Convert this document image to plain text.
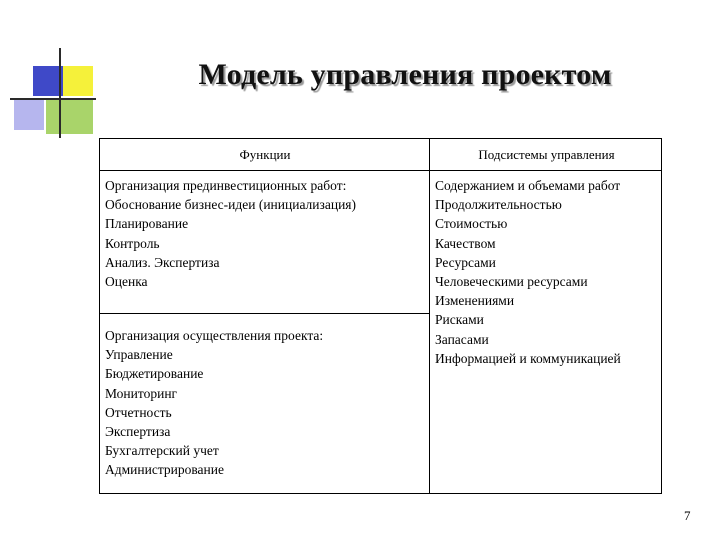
Модель управления проектом
Функции	Подсистемы управления
Организация прединвестиционных работ:
Обоснование бизнес-идеи (инициализация)
Планирование
Контроль
Анализ. Экспертиза
Оценка
Организация осуществления проекта:
Управление
Бюджетирование
Мониторинг
Отчетность
Экспертиза
Бухгалтерский учет
Администрирование
Содержанием и объемами работ
Продолжительностью
Стоимостью
Качеством
Ресурсами
Человеческими ресурсами
Изменениями
Рисками
Запасами
Информацией и коммуникацией
7
